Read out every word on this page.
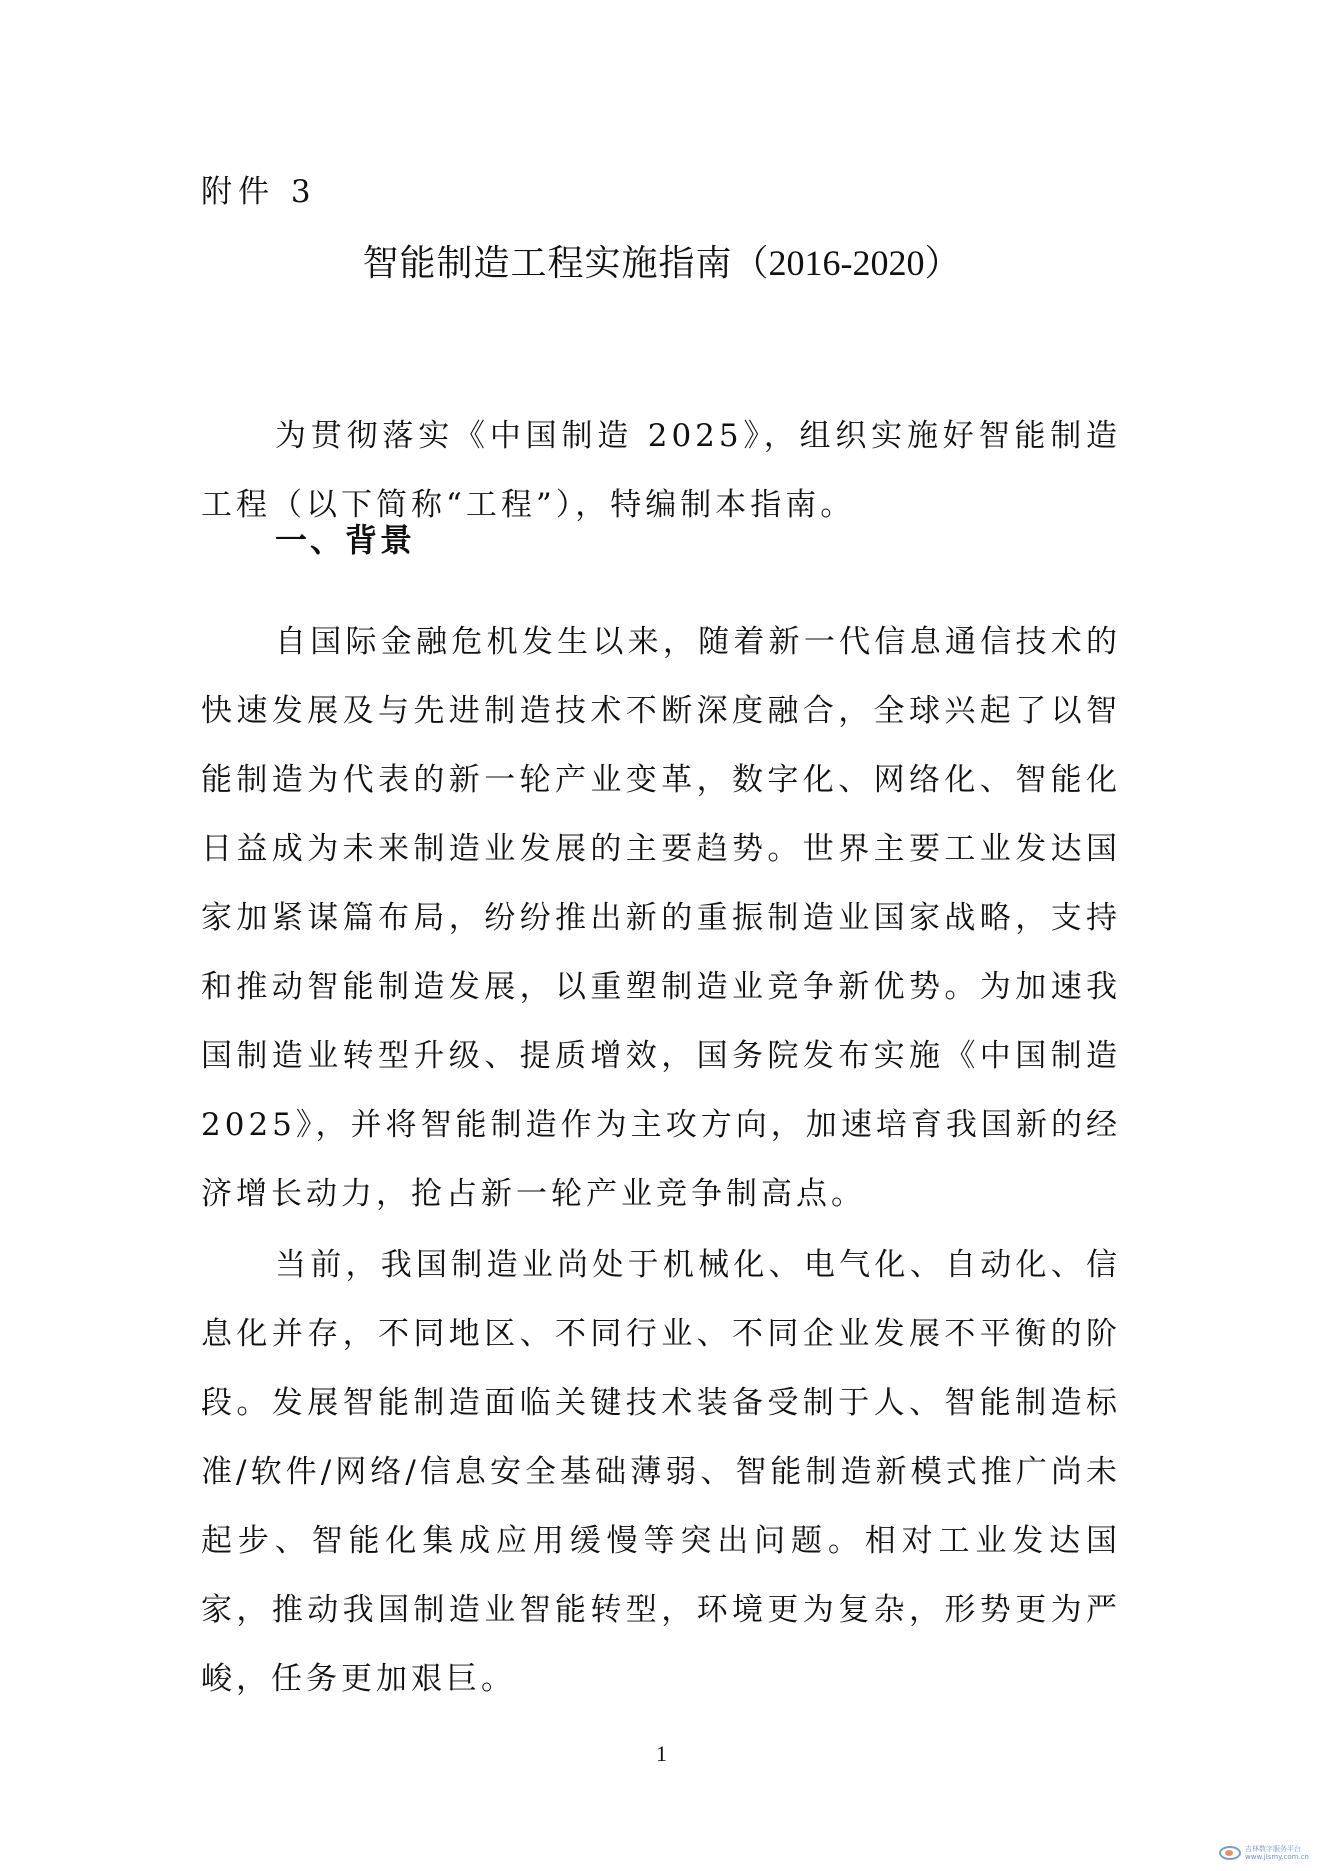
附件 3
智能制造工程实施指南（2016-2020）

为贯彻落实《中国制造 2025》，组织实施好智能制造工程（以下简称“工程”），特编制本指南。

一、背景

自国际金融危机发生以来，随着新一代信息通信技术的快速发展及与先进制造技术不断深度融合，全球兴起了以智能制造为代表的新一轮产业变革，数字化、网络化、智能化日益成为未来制造业发展的主要趋势。世界主要工业发达国家加紧谋篇布局，纷纷推出新的重振制造业国家战略，支持和推动智能制造发展，以重塑制造业竞争新优势。为加速我国制造业转型升级、提质增效，国务院发布实施《中国制造2025》，并将智能制造作为主攻方向，加速培育我国新的经济增长动力，抢占新一轮产业竞争制高点。

当前，我国制造业尚处于机械化、电气化、自动化、信息化并存，不同地区、不同行业、不同企业发展不平衡的阶段。发展智能制造面临关键技术装备受制于人、智能制造标准/软件/网络/信息安全基础薄弱、智能制造新模式推广尚未起步、智能化集成应用缓慢等突出问题。相对工业发达国家，推动我国制造业智能转型，环境更为复杂，形势更为严峻，任务更加艰巨。

1
吉林数字服务平台
www.jlsmy.com.cn
